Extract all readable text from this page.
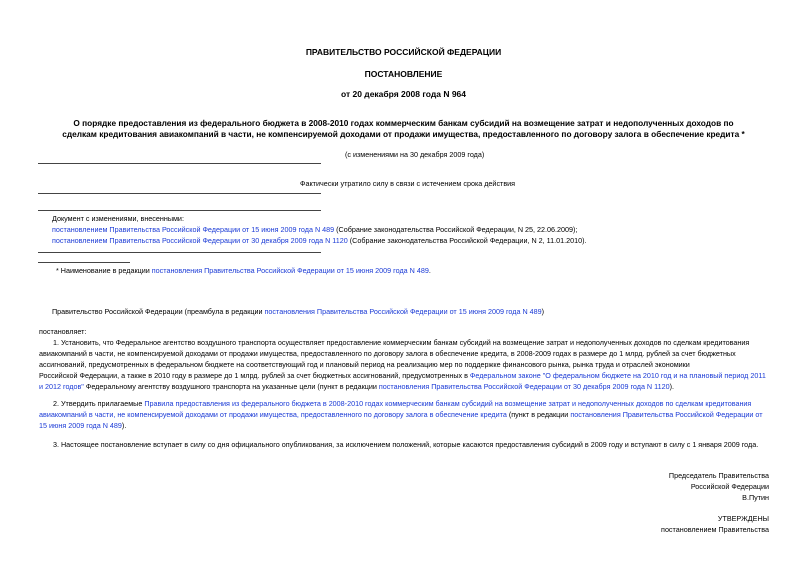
ПРАВИТЕЛЬСТВО РОССИЙСКОЙ ФЕДЕРАЦИИ
ПОСТАНОВЛЕНИЕ
от 20 декабря 2008 года N 964
О порядке предоставления из федерального бюджета в 2008-2010 годах коммерческим банкам субсидий на возмещение затрат и недополученных доходов по
сделкам кредитования авиакомпаний в части, не компенсируемой доходами от продажи имущества, предоставленного по договору залога в обеспечение кредита *
(с изменениями на 30 декабря 2009 года)
Фактически утратило силу в связи с истечением срока действия
Документ с изменениями, внесенными:
постановлением Правительства Российской Федерации от 15 июня 2009 года N 489 (Собрание законодательства Российской Федерации, N 25, 22.06.2009);
постановлением Правительства Российской Федерации от 30 декабря 2009 года N 1120 (Собрание законодательства Российской Федерации, N 2, 11.01.2010).
* Наименование в редакции постановления Правительства Российской Федерации от 15 июня 2009 года N 489.
Правительство Российской Федерации (преамбула в редакции постановления Правительства Российской Федерации от 15 июня 2009 года N 489)
постановляет:
1. Установить, что Федеральное агентство воздушного транспорта осуществляет предоставление коммерческим банкам субсидий на возмещение затрат и недополученных доходов по сделкам кредитования
авиакомпаний в части, не компенсируемой доходами от продажи имущества, предоставленного по договору залога в обеспечение кредита, в 2008-2009 годах в размере до 1 млрд. рублей за счет бюджетных
ассигнований, предусмотренных в федеральном бюджете на соответствующий год и плановый период на реализацию мер по поддержке финансового рынка, рынка труда и отраслей экономики
Российской Федерации, а также в 2010 году в размере до 1 млрд. рублей за счет бюджетных ассигнований, предусмотренных в Федеральном законе "О федеральном бюджете на 2010 год и на плановый период 2011
и 2012 годов" Федеральному агентству воздушного транспорта на указанные цели (пункт в редакции постановления Правительства Российской Федерации от 30 декабря 2009 года N 1120).
2. Утвердить прилагаемые Правила предоставления из федерального бюджета в 2008-2010 годах коммерческим банкам субсидий на возмещение затрат и недополученных доходов по сделкам кредитования
авиакомпаний в части, не компенсируемой доходами от продажи имущества, предоставленного по договору залога в обеспечение кредита (пункт в редакции постановления Правительства Российской Федерации от
15 июня 2009 года N 489).
3. Настоящее постановление вступает в силу со дня официального опубликования, за исключением положений, которые касаются предоставления субсидий в 2009 году и вступают в силу с 1 января 2009 года.
Председатель Правительства
Российской Федерации
В.Путин
УТВЕРЖДЕНЫ
постановлением Правительства
